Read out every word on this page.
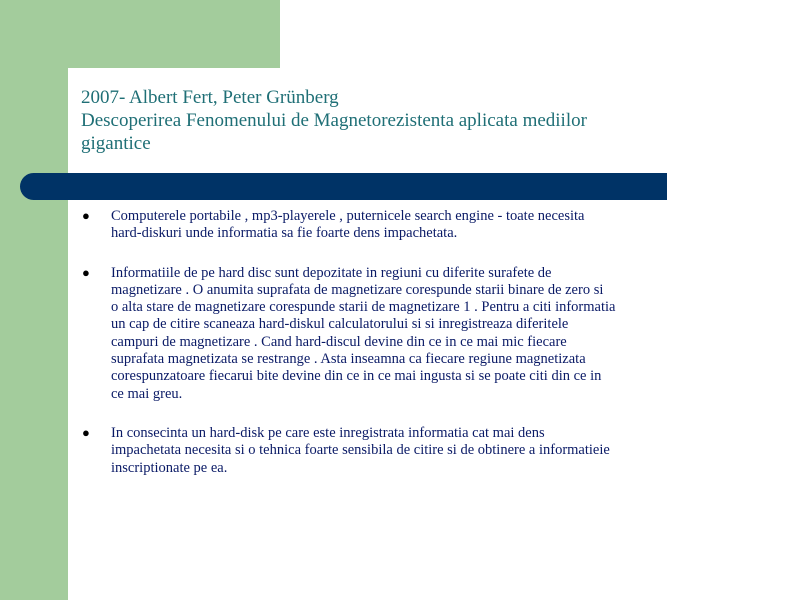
2007- Albert Fert, Peter Grünberg
Descoperirea Fenomenului de Magnetorezistenta aplicata mediilor
gigantice
● Computerele portabile , mp3-playerele , puternicele search engine - toate necesita
hard-diskuri unde informatia sa fie foarte dens impachetata.
● Informatiile de pe hard disc sunt depozitate in regiuni cu diferite surafete de
magnetizare . O anumita suprafata de magnetizare corespunde starii binare de zero si
o alta stare de magnetizare corespunde starii de magnetizare 1 . Pentru a citi informatia
un cap de citire scaneaza hard-diskul calculatorului si si inregistreaza diferitele
campuri de magnetizare . Cand hard-discul devine din ce in ce mai mic fiecare
suprafata magnetizata se restrange . Asta inseamna ca fiecare regiune magnetizata
corespunzatoare fiecarui bite devine din ce in ce mai ingusta si se poate citi din ce in
ce mai greu.
● In consecinta un hard-disk pe care este inregistrata informatia cat mai dens
impachetata necesita si o tehnica foarte sensibila de citire si de obtinere a informatieie
inscriptionate pe ea.
